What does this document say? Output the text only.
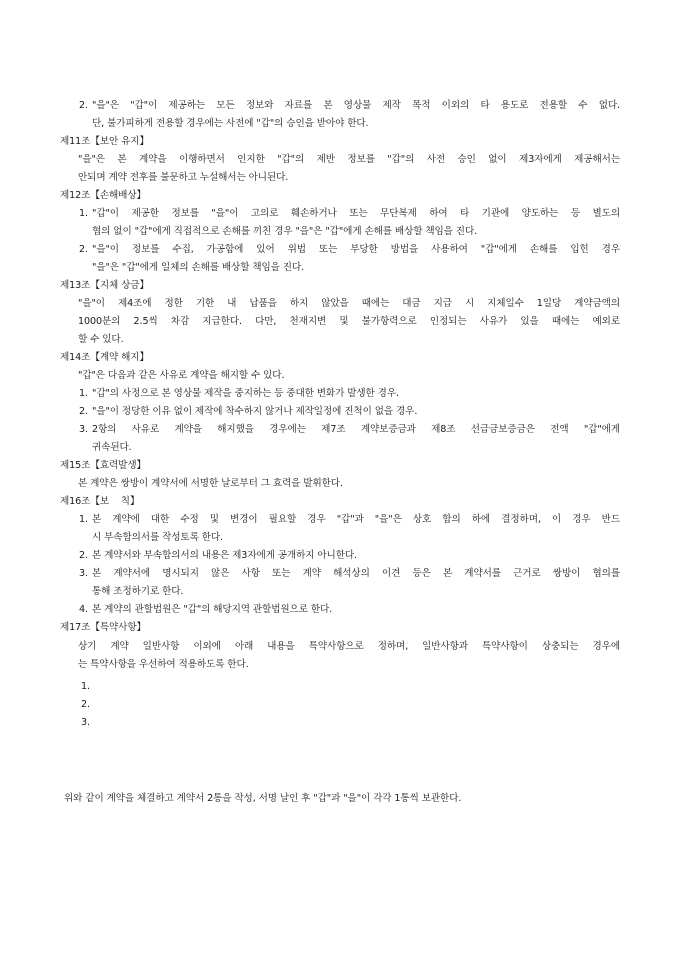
2. "을"은 "갑"이 제공하는 모든 정보와 자료를 본 영상물 제작 목적 이외의 타 용도로 전용할 수 없다.
단, 불가피하게 전용할 경우에는 사전에 "갑"의 승인을 받아야 한다.
제11조【보안 유지】
"을"은 본 계약을 이행하면서 인지한 "갑"의 제반 정보를 "갑"의 사전 승인 없이 제3자에게 제공해서는
안되며 계약 전후를 불문하고 누설해서는 아니된다.
제12조【손해배상】
1. "갑"이 제공한 정보를 "을"이 고의로 훼손하거나 또는 무단복제 하여 타 기관에 양도하는 등 별도의
협의 없이 "갑"에게 직접적으로 손해를 끼친 경우 "을"은 "갑"에게 손해를 배상할 책임을 진다.
2. "을"이 정보를 수집, 가공함에 있어 위법 또는 부당한 방법을 사용하여 "갑"에게 손해를 입힌 경우
"을"은 "갑"에게 일체의 손해를 배상할 책임을 진다.
제13조【지체 상금】
"을"이 제4조에 정한 기한 내 납품을 하지 않았을 때에는 대금 지급 시 지체일수 1일당 계약금액의
1000분의 2.5씩 차감 지급한다. 다만, 천재지변 및 불가항력으로 인정되는 사유가 있을 때에는 예외로
할 수 있다.
제14조【계약 해지】
"갑"은 다음과 같은 사유로 계약을 해지할 수 있다.
1. "갑"의 사정으로 본 영상물 제작을 중지하는 등 중대한 변화가 발생한 경우.
2. "을"이 정당한 이유 없이 제작에 착수하지 않거나 제작일정에 진척이 없을 경우.
3. 2항의 사유로 계약을 해지했을 경우에는 제7조 계약보증금과 제8조 선급금보증금은 전액 "갑"에게
귀속된다.
제15조【효력발생】
본 계약은 쌍방이 계약서에 서명한 날로부터 그 효력을 발휘한다.
제16조【보    칙】
1. 본 계약에 대한 수정 및 변경이 필요할 경우 "갑"과 "을"은 상호 합의 하에 결정하며, 이 경우 반드
시 부속합의서를 작성토록 한다.
2. 본 계약서와 부속합의서의 내용은 제3자에게 공개하지 아니한다.
3. 본 계약서에 명시되지 않은 사항 또는 계약 해석상의 이견 등은 본 계약서를 근거로 쌍방이 협의를
통해 조정하기로 한다.
4. 본 계약의 관할법원은 "갑"의 해당지역 관할법원으로 한다.
제17조【특약사항】
상기 계약 일반사항 이외에 아래 내용을 특약사항으로 정하며, 일반사항과 특약사항이 상충되는 경우에
는 특약사항을 우선하여 적용하도록 한다.
1.
2.
3.
위와 같이 계약을 체결하고 계약서 2통을 작성, 서명 날인 후 "갑"과 "을"이 각각 1통씩 보관한다.
